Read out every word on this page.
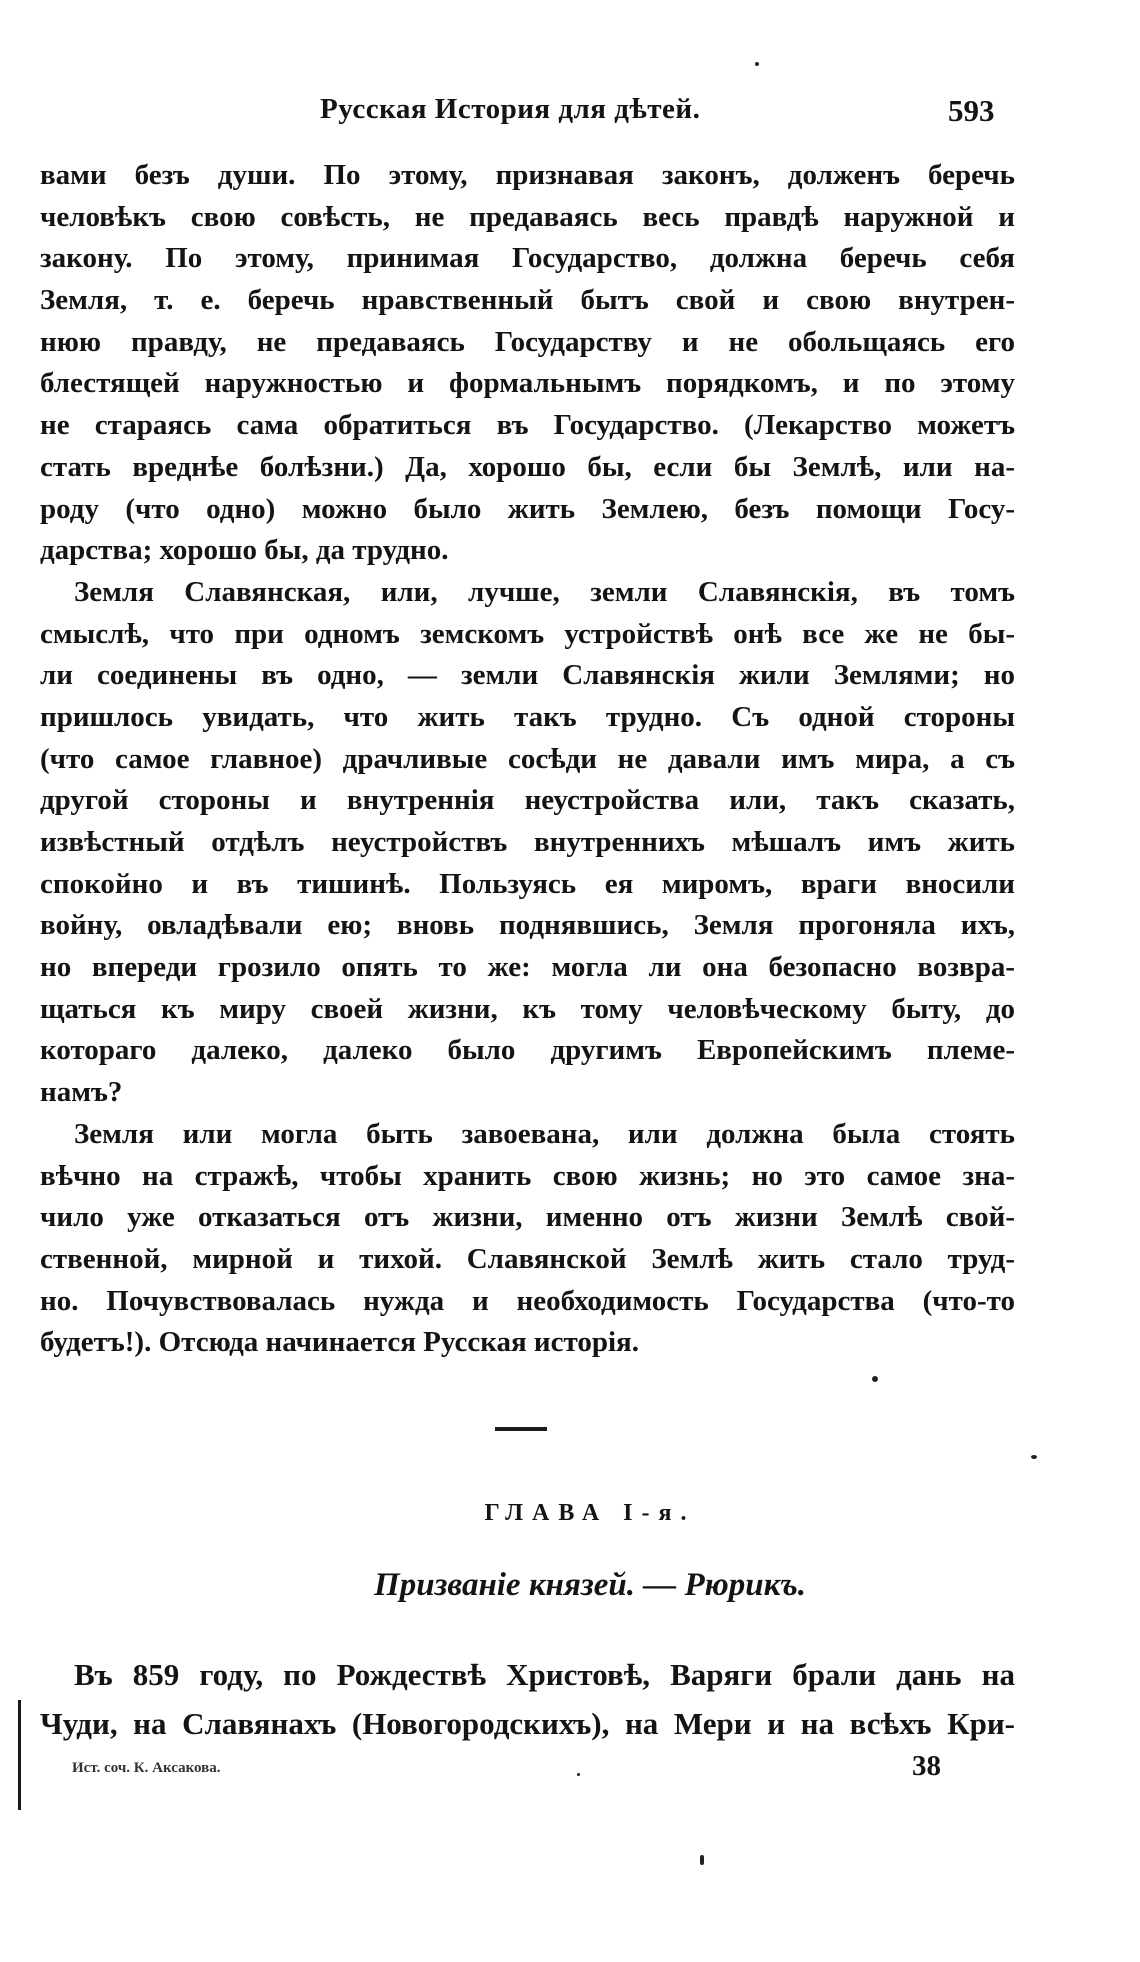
Русская История для дѣтей.	593
вами безъ души. По этому, признавая законъ, долженъ беречь
человѣкъ свою совѣсть, не предаваясь весь правдѣ наружной и
закону. По этому, принимая Государство, должна беречь себя
Земля, т. е. беречь нравственный бытъ свой и свою внутрен-
нюю правду, не предаваясь Государству и не обольщаясь его
блестящей наружностью и формальнымъ порядкомъ, и по этому
не стараясь сама обратиться въ Государство. (Лекарство можетъ
стать вреднѣе болѣзни.) Да, хорошо бы, если бы Землѣ, или на-
роду (что одно) можно было жить Землею, безъ помощи Госу-
дарства; хорошо бы, да трудно.
Земля Славянская, или, лучше, земли Славянскія, въ томъ
смыслѣ, что при одномъ земскомъ устройствѣ онѣ все же не бы-
ли соединены въ одно, — земли Славянскія жили Землями; но
пришлось увидать, что жить такъ трудно. Съ одной стороны
(что самое главное) драчливые сосѣди не давали имъ мира, а съ
другой стороны и внутреннія неустройства или, такъ сказать,
извѣстный отдѣлъ неустройствъ внутреннихъ мѣшалъ имъ жить
спокойно и въ тишинѣ. Пользуясь ея миромъ, враги вносили
войну, овладѣвали ею; вновь поднявшись, Земля прогоняла ихъ,
но впереди грозило опять то же: могла ли она безопасно возвра-
щаться къ миру своей жизни, къ тому человѣческому быту, до
котораго далеко, далеко было другимъ Европейскимъ племе-
намъ?
Земля или могла быть завоевана, или должна была стоять
вѣчно на стражѣ, чтобы хранить свою жизнь; но это самое зна-
чило уже отказаться отъ жизни, именно отъ жизни Землѣ свой-
ственной, мирной и тихой. Славянской Землѣ жить стало труд-
но. Почувствовалась нужда и необходимость Государства (что-то
будетъ!). Отсюда начинается Русская исторія.
ГЛАВА I-я.
Призваніе князей. — Рюрикъ.
Въ 859 году, по Рождествѣ Христовѣ, Варяги брали дань на
Чуди, на Славянахъ (Новогородскихъ), на Мери и на всѣхъ Кри-
Ист. соч. К. Аксакова.	38
